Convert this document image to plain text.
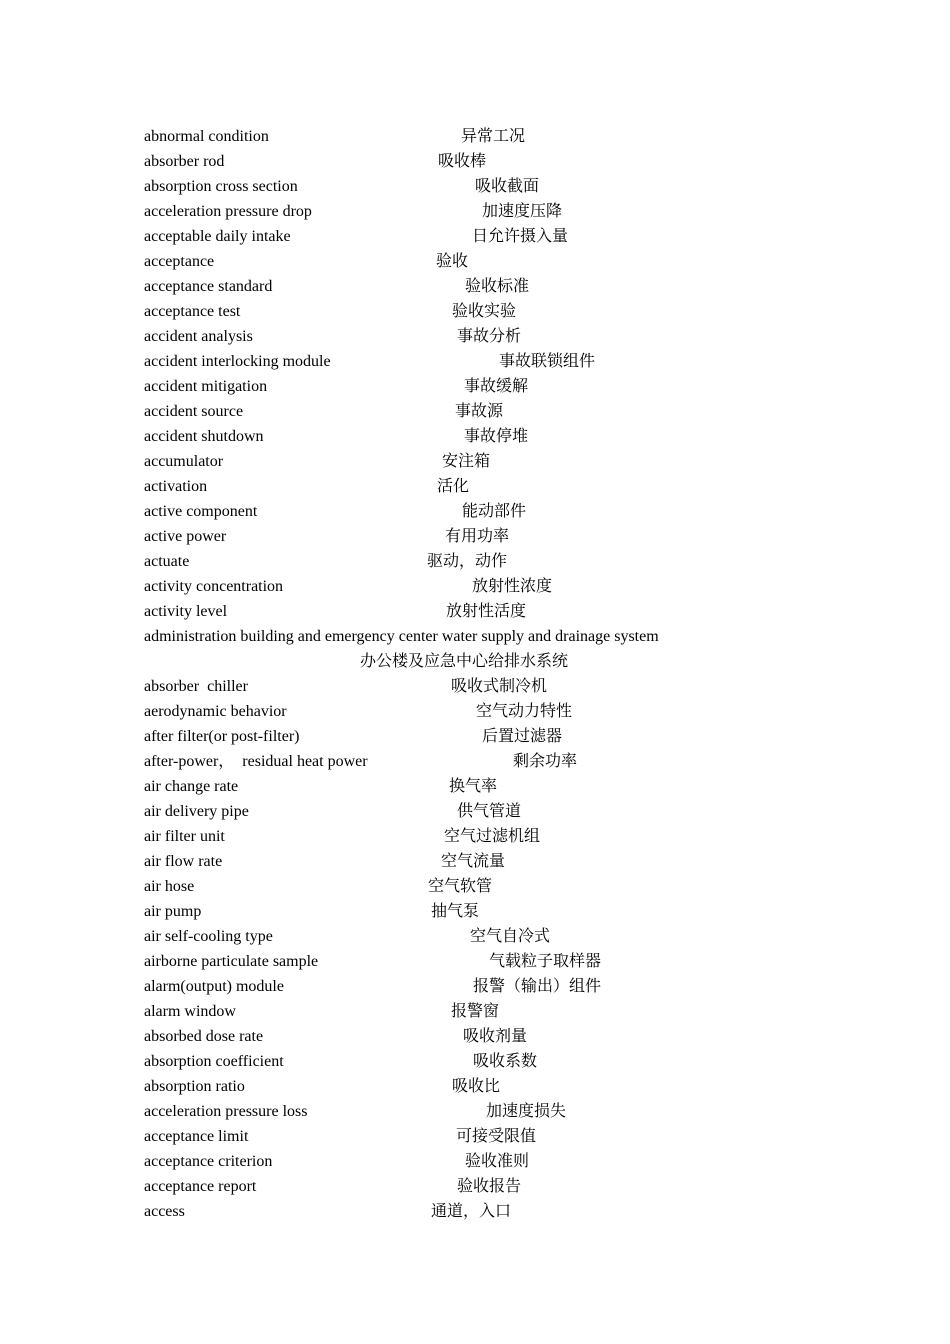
abnormal condition	异常工况
absorber rod	吸收棒
absorption cross section	吸收截面
acceleration pressure drop	加速度压降
acceptable daily intake	日允许摄入量
acceptance	验收
acceptance standard	验收标准
acceptance test	验收实验
accident analysis	事故分析
accident interlocking module	事故联锁组件
accident mitigation	事故缓解
accident source	事故源
accident shutdown	事故停堆
accumulator	安注箱
activation	活化
active component	能动部件
active power	有用功率
actuate	驱动，动作
activity concentration	放射性浓度
activity level	放射性活度
administration building and emergency center water supply and drainage system
办公楼及应急中心给排水系统
absorber  chiller	吸收式制冷机
aerodynamic behavior	空气动力特性
after filter(or post-filter)	后置过滤器
after-power，  residual heat power	剩余功率
air change rate	换气率
air delivery pipe	供气管道
air filter unit	空气过滤机组
air flow rate	空气流量
air hose	空气软管
air pump	抽气泵
air self-cooling type	空气自冷式
airborne particulate sample	气载粒子取样器
alarm(output) module	报警（输出）组件
alarm window	报警窗
absorbed dose rate	吸收剂量
absorption coefficient	吸收系数
absorption ratio	吸收比
acceleration pressure loss	加速度损失
acceptance limit	可接受限值
acceptance criterion	验收准则
acceptance report	验收报告
access	通道，入口
